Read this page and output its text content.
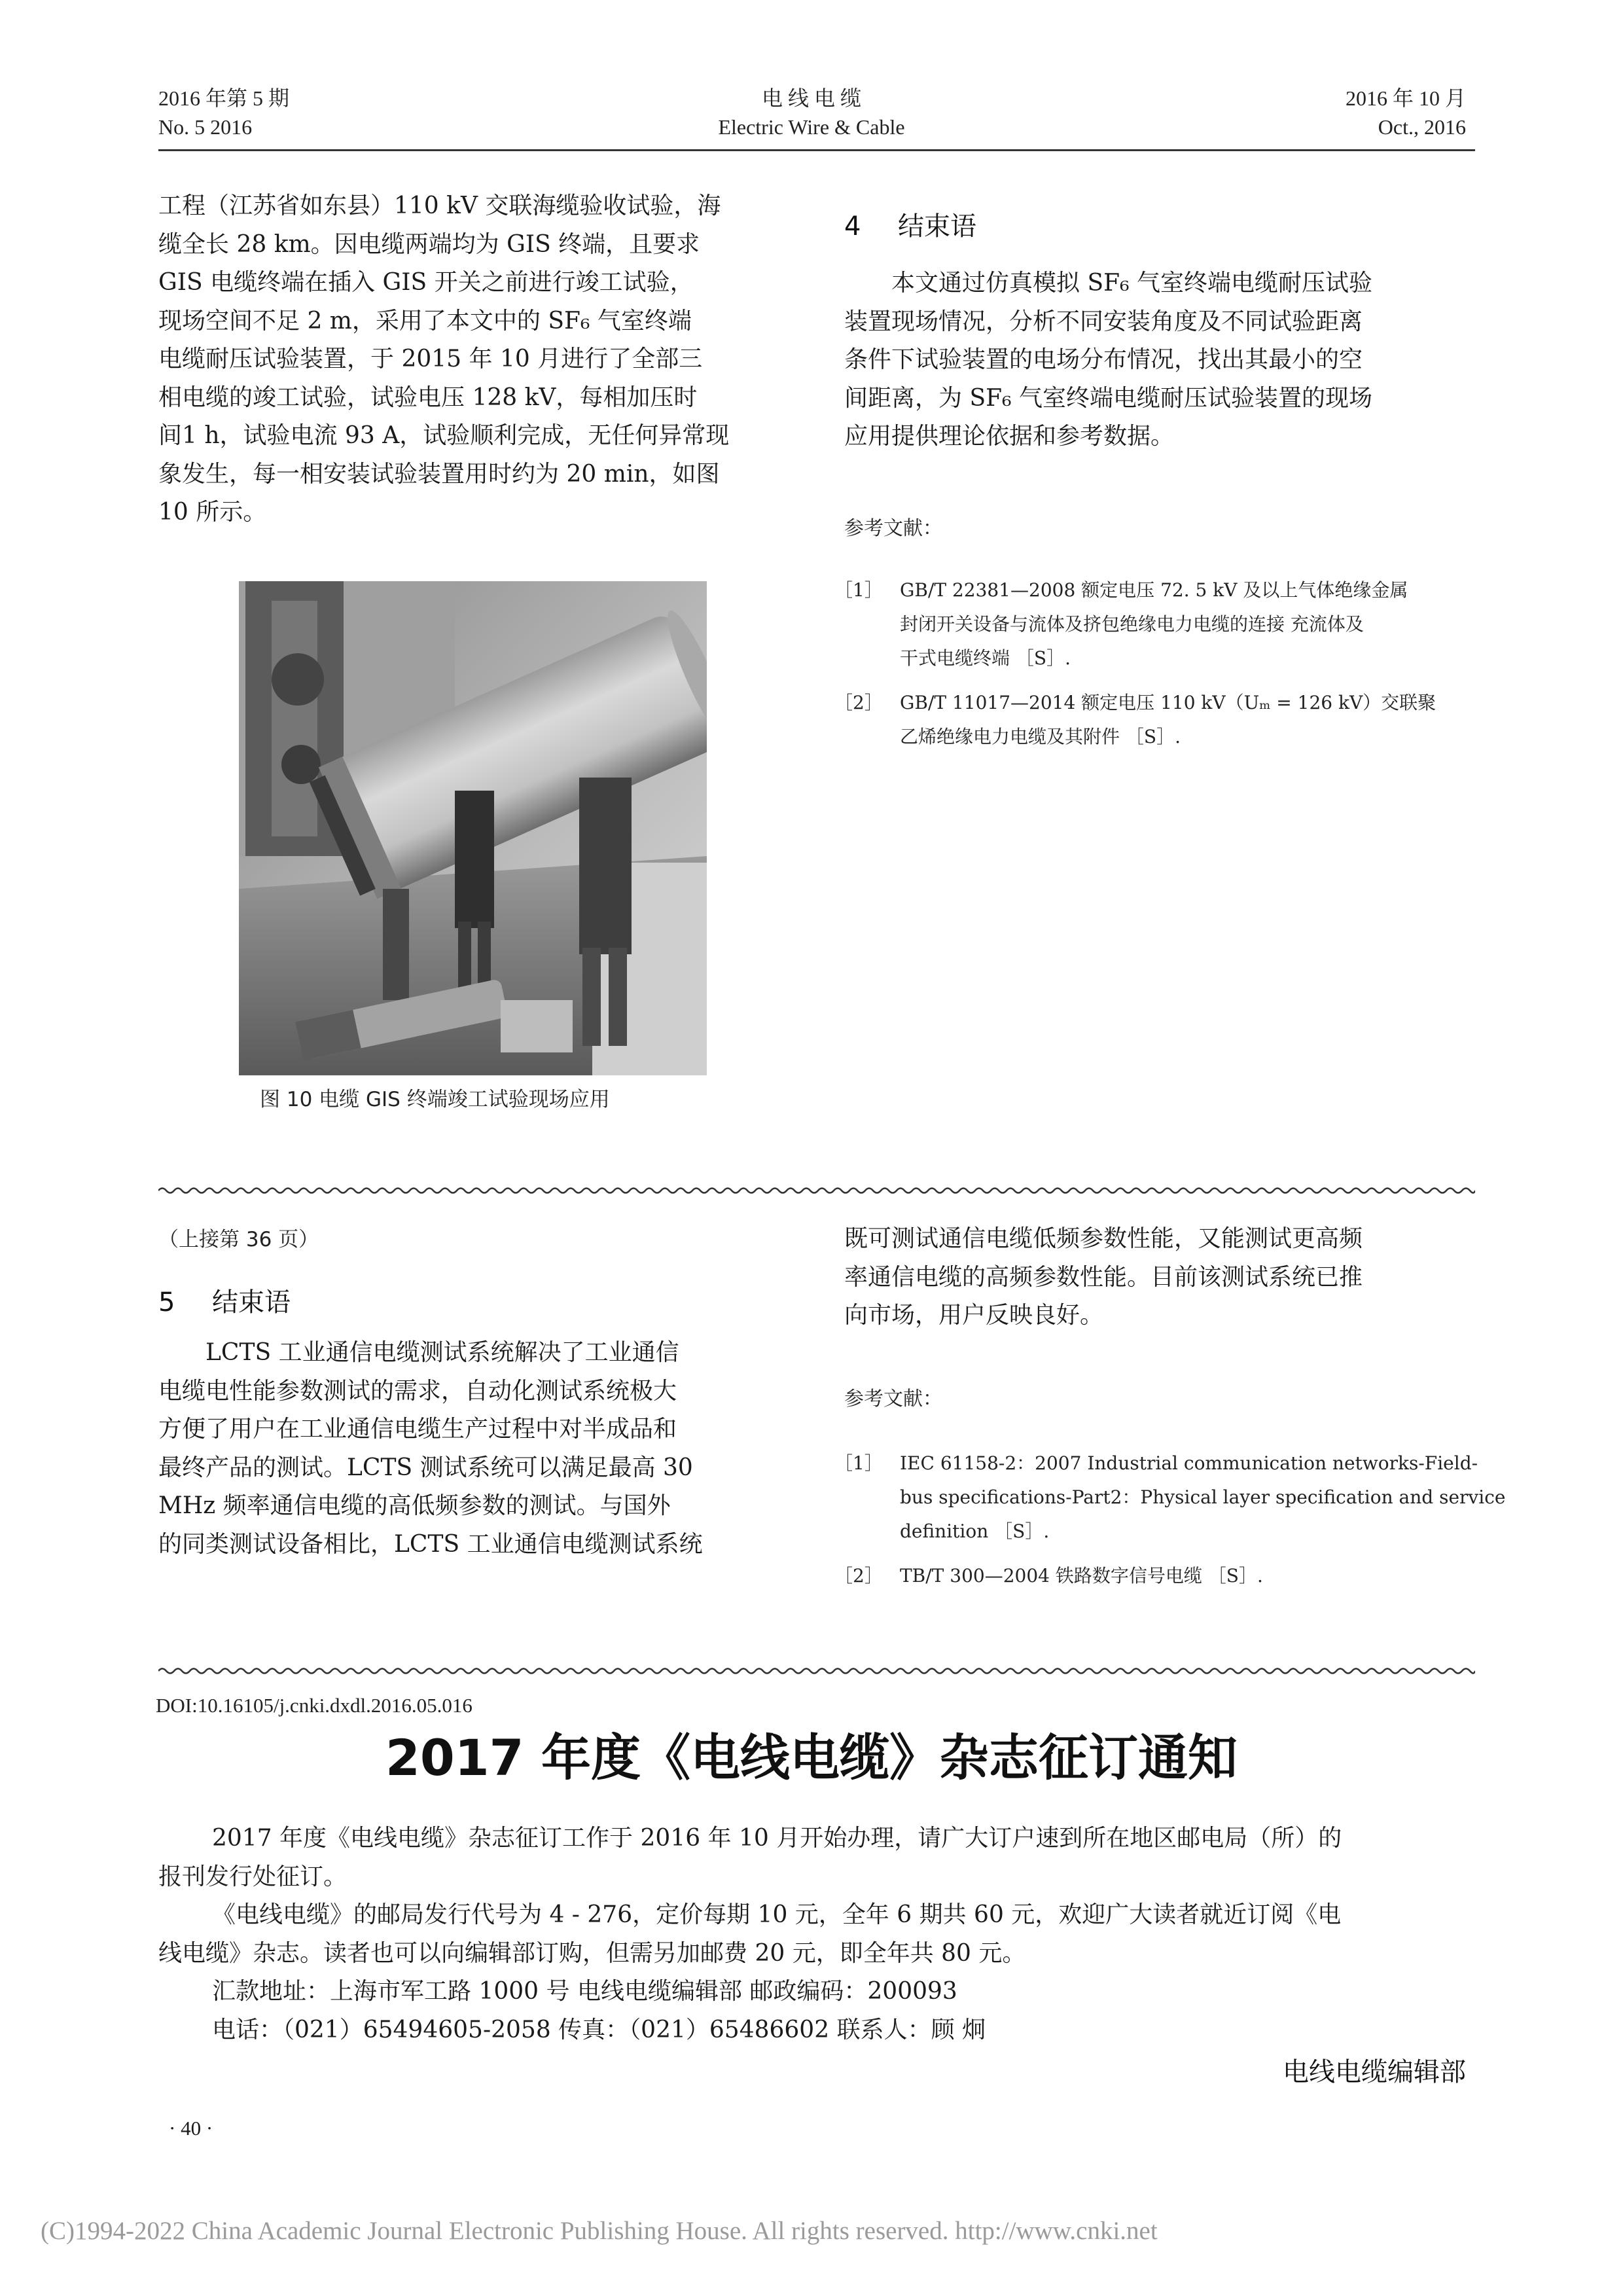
2016 年第 5 期
No. 5 2016
电 线 电 缆
Electric Wire & Cable
2016 年 10 月
Oct., 2016
工程（江苏省如东县）110 kV 交联海缆验收试验，海
缆全长 28 km。因电缆两端均为 GIS 终端，且要求
GIS 电缆终端在插入 GIS 开关之前进行竣工试验，
现场空间不足 2 m，采用了本文中的 SF₆ 气室终端
电缆耐压试验装置，于 2015 年 10 月进行了全部三
相电缆的竣工试验，试验电压 128 kV，每相加压时
间1 h，试验电流 93 A，试验顺利完成，无任何异常现
象发生，每一相安装试验装置用时约为 20 min，如图
10 所示。
图 10 电缆 GIS 终端竣工试验现场应用
4 结束语
本文通过仿真模拟 SF₆ 气室终端电缆耐压试验
装置现场情况，分析不同安装角度及不同试验距离
条件下试验装置的电场分布情况，找出其最小的空
间距离，为 SF₆ 气室终端电缆耐压试验装置的现场
应用提供理论依据和参考数据。
参考文献：
［1］ GB/T 22381—2008 额定电压 72. 5 kV 及以上气体绝缘金属
封闭开关设备与流体及挤包绝缘电力电缆的连接 充流体及
干式电缆终端 ［S］.
［2］ GB/T 11017—2014 额定电压 110 kV（Uₘ = 126 kV）交联聚
乙烯绝缘电力电缆及其附件 ［S］.
（上接第 36 页）
5 结束语
LCTS 工业通信电缆测试系统解决了工业通信
电缆电性能参数测试的需求，自动化测试系统极大
方便了用户在工业通信电缆生产过程中对半成品和
最终产品的测试。LCTS 测试系统可以满足最高 30
MHz 频率通信电缆的高低频参数的测试。与国外
的同类测试设备相比，LCTS 工业通信电缆测试系统
既可测试通信电缆低频参数性能，又能测试更高频
率通信电缆的高频参数性能。目前该测试系统已推
向市场，用户反映良好。
参考文献：
［1］ IEC 61158-2：2007 Industrial communication networks-Field-
bus specifications-Part2：Physical layer specification and service
definition ［S］.
［2］ TB/T 300—2004 铁路数字信号电缆 ［S］.
DOI:10.16105/j.cnki.dxdl.2016.05.016
2017 年度《电线电缆》杂志征订通知
2017 年度《电线电缆》杂志征订工作于 2016 年 10 月开始办理，请广大订户速到所在地区邮电局（所）的
报刊发行处征订。
《电线电缆》的邮局发行代号为 4 - 276，定价每期 10 元，全年 6 期共 60 元，欢迎广大读者就近订阅《电
线电缆》杂志。读者也可以向编辑部订购，但需另加邮费 20 元，即全年共 80 元。
汇款地址：上海市军工路 1000 号 电线电缆编辑部 邮政编码：200093
电话：（021）65494605-2058 传真：（021）65486602 联系人：顾 炯
电线电缆编辑部
· 40 ·
(C)1994-2022 China Academic Journal Electronic Publishing House. All rights reserved. http://www.cnki.net
